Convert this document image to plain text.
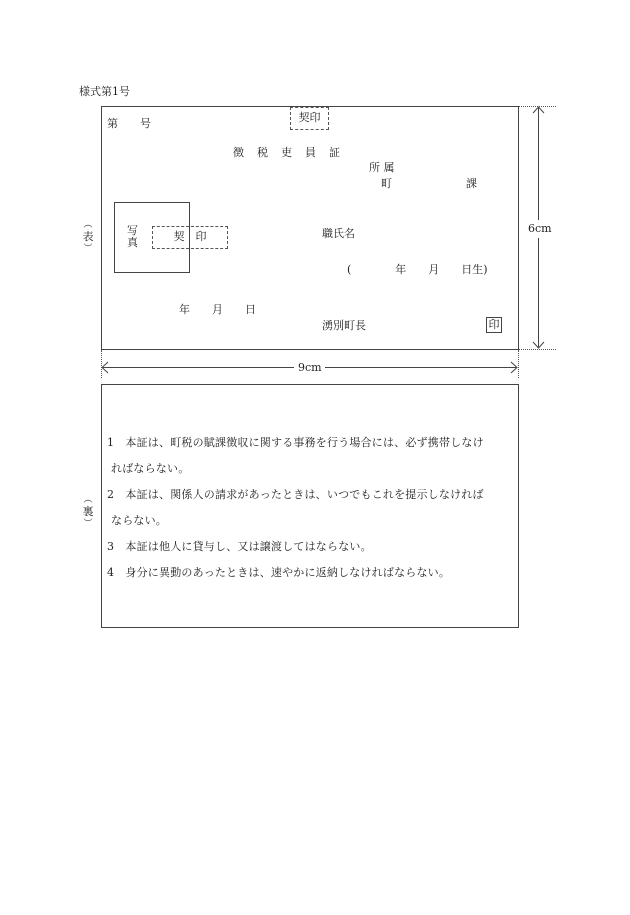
様式第1号
第　　号	契印
徴　税　吏　員　証
所 属
町	課
写
真	契　印	職氏名
(　　　　年　　月　　日生)
年　　月　　日
湧別町長	印
︵
表
︶
6cm
9cm
︵
裏
︶
1　本証は、町税の賦課徴収に関する事務を行う場合には、必ず携帯しなけ
ればならない。
2　本証は、関係人の請求があったときは、いつでもこれを提示しなければ
ならない。
3　本証は他人に貸与し、又は譲渡してはならない。
4　身分に異動のあったときは、速やかに返納しなければならない。
